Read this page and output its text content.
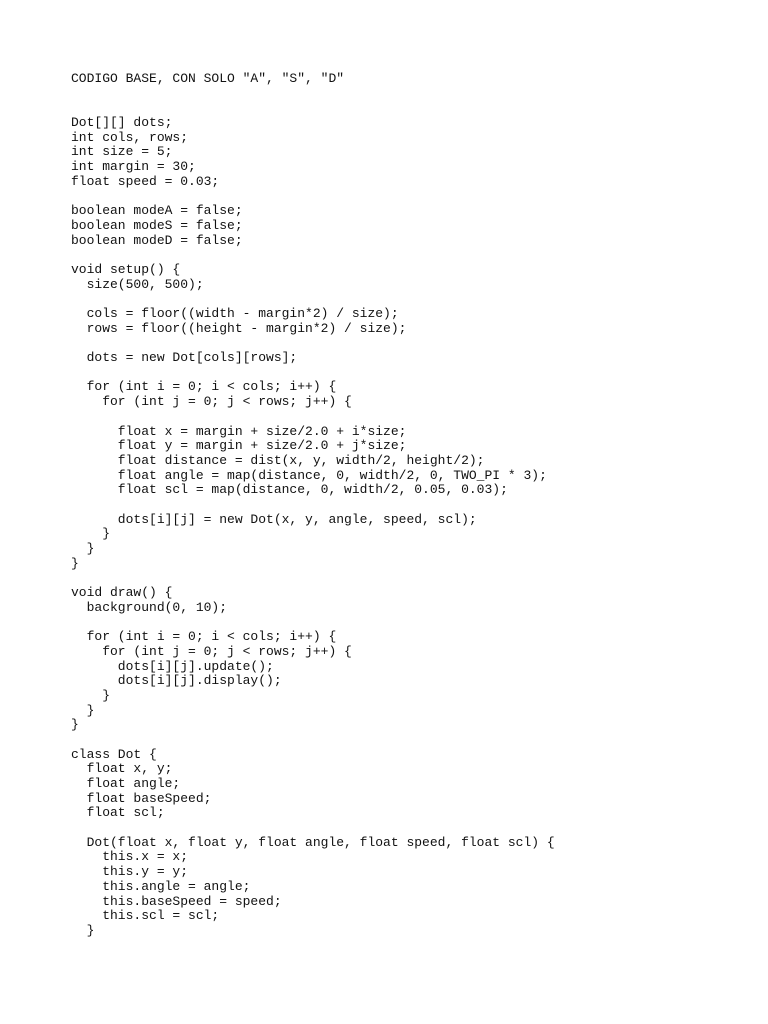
CODIGO BASE, CON SOLO "A", "S", "D"
Dot[][] dots;
int cols, rows;
int size = 5;
int margin = 30;
float speed = 0.03;
boolean modeA = false;
boolean modeS = false;
boolean modeD = false;
void setup() {
size(500, 500);
cols = floor((width - margin*2) / size);
rows = floor((height - margin*2) / size);
dots = new Dot[cols][rows];
for (int i = 0; i < cols; i++) {
for (int j = 0; j < rows; j++) {
float x = margin + size/2.0 + i*size;
float y = margin + size/2.0 + j*size;
float distance = dist(x, y, width/2, height/2);
float angle = map(distance, 0, width/2, 0, TWO_PI * 3);
float scl = map(distance, 0, width/2, 0.05, 0.03);
dots[i][j] = new Dot(x, y, angle, speed, scl);
}
}
}
void draw() {
background(0, 10);
for (int i = 0; i < cols; i++) {
for (int j = 0; j < rows; j++) {
dots[i][j].update();
dots[i][j].display();
}
}
}
class Dot {
float x, y;
float angle;
float baseSpeed;
float scl;
Dot(float x, float y, float angle, float speed, float scl) {
this.x = x;
this.y = y;
this.angle = angle;
this.baseSpeed = speed;
this.scl = scl;
}
